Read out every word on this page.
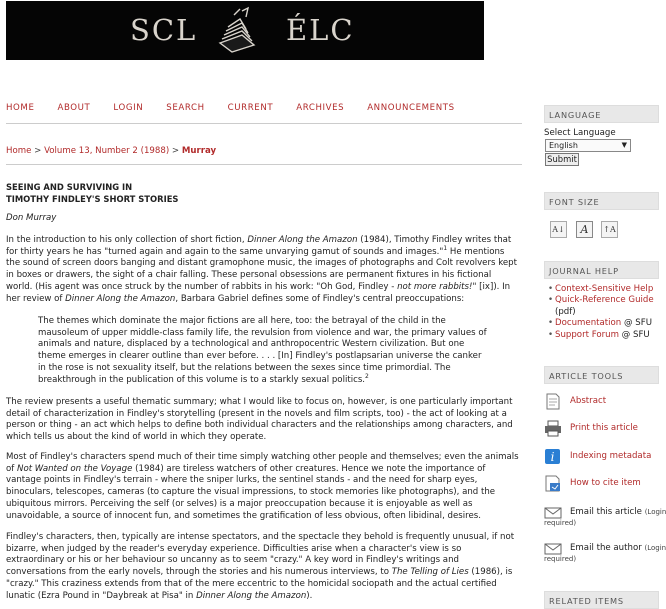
SCL	ÉLC
HOME	ABOUT	LOGIN	SEARCH	CURRENT	ARCHIVES	ANNOUNCEMENTS
Home > Volume 13, Number 2 (1988) > Murray
SEEING AND SURVIVING IN
TIMOTHY FINDLEY'S SHORT STORIES
Don Murray
In the introduction to his only collection of short fiction, Dinner Along the Amazon (1984), Timothy Findley writes that for thirty years he has "turned again and again to the same unvarying gamut of sounds and images."$^1$ He mentions the sound of screen doors banging and distant gramophone music, the images of photographs and Colt revolvers kept in boxes or drawers, the sight of a chair falling. These personal obsessions are permanent fixtures in his fictional world. (His agent was once struck by the number of rabbits in his work: "Oh God, Findley - not more rabbits!" [ix]). In her review of Dinner Along the Amazon, Barbara Gabriel defines some of Findley's central preoccupations:
The themes which dominate the major fictions are all here, too: the betrayal of the child in the mausoleum of upper middle-class family life, the revulsion from violence and war, the primary values of animals and nature, displaced by a technological and anthropocentric Western civilization. But one theme emerges in clearer outline than ever before. . . . [In] Findley's postlapsarian universe the canker in the rose is not sexuality itself, but the relations between the sexes since time primordial. The breakthrough in the publication of this volume is to a starkly sexual politics.$^2$
The review presents a useful thematic summary; what I would like to focus on, however, is one particularly important detail of characterization in Findley's storytelling (present in the novels and film scripts, too) - the act of looking at a person or thing - an act which helps to define both individual characters and the relationships among characters, and which tells us about the kind of world in which they operate.
Most of Findley's characters spend much of their time simply watching other people and themselves; even the animals of Not Wanted on the Voyage (1984) are tireless watchers of other creatures. Hence we note the importance of vantage points in Findley's terrain - where the sniper lurks, the sentinel stands - and the need for sharp eyes, binoculars, telescopes, cameras (to capture the visual impressions, to stock memories like photographs), and the ubiquitous mirrors. Perceiving the self (or selves) is a major preoccupation because it is enjoyable as well as unavoidable, a source of innocent fun, and sometimes the gratification of less obvious, often libidinal, desires.
Findley's characters, then, typically are intense spectators, and the spectacle they behold is frequently unusual, if not bizarre, when judged by the reader's everyday experience. Difficulties arise when a character's view is so extraordinary or his or her behaviour so uncanny as to seem "crazy." A key word in Findley's writings and conversations from the early novels, through the stories and his numerous interviews, to The Telling of Lies (1986), is "crazy." This craziness extends from that of the mere eccentric to the homicidal sociopath and the actual certified lunatic (Ezra Pound in "Daybreak at Pisa" in Dinner Along the Amazon).
LANGUAGE
Select Language
English	▼
Submit
FONT SIZE
A↓	A	↑A
JOURNAL HELP
• Context-Sensitive Help
• Quick-Reference Guide
(pdf)
• Documentation @ SFU
• Support Forum @ SFU
ARTICLE TOOLS
Abstract
Print this article
i Indexing metadata
How to cite item
Email this article (Login
required)
Email the author (Login
required)
RELATED ITEMS
